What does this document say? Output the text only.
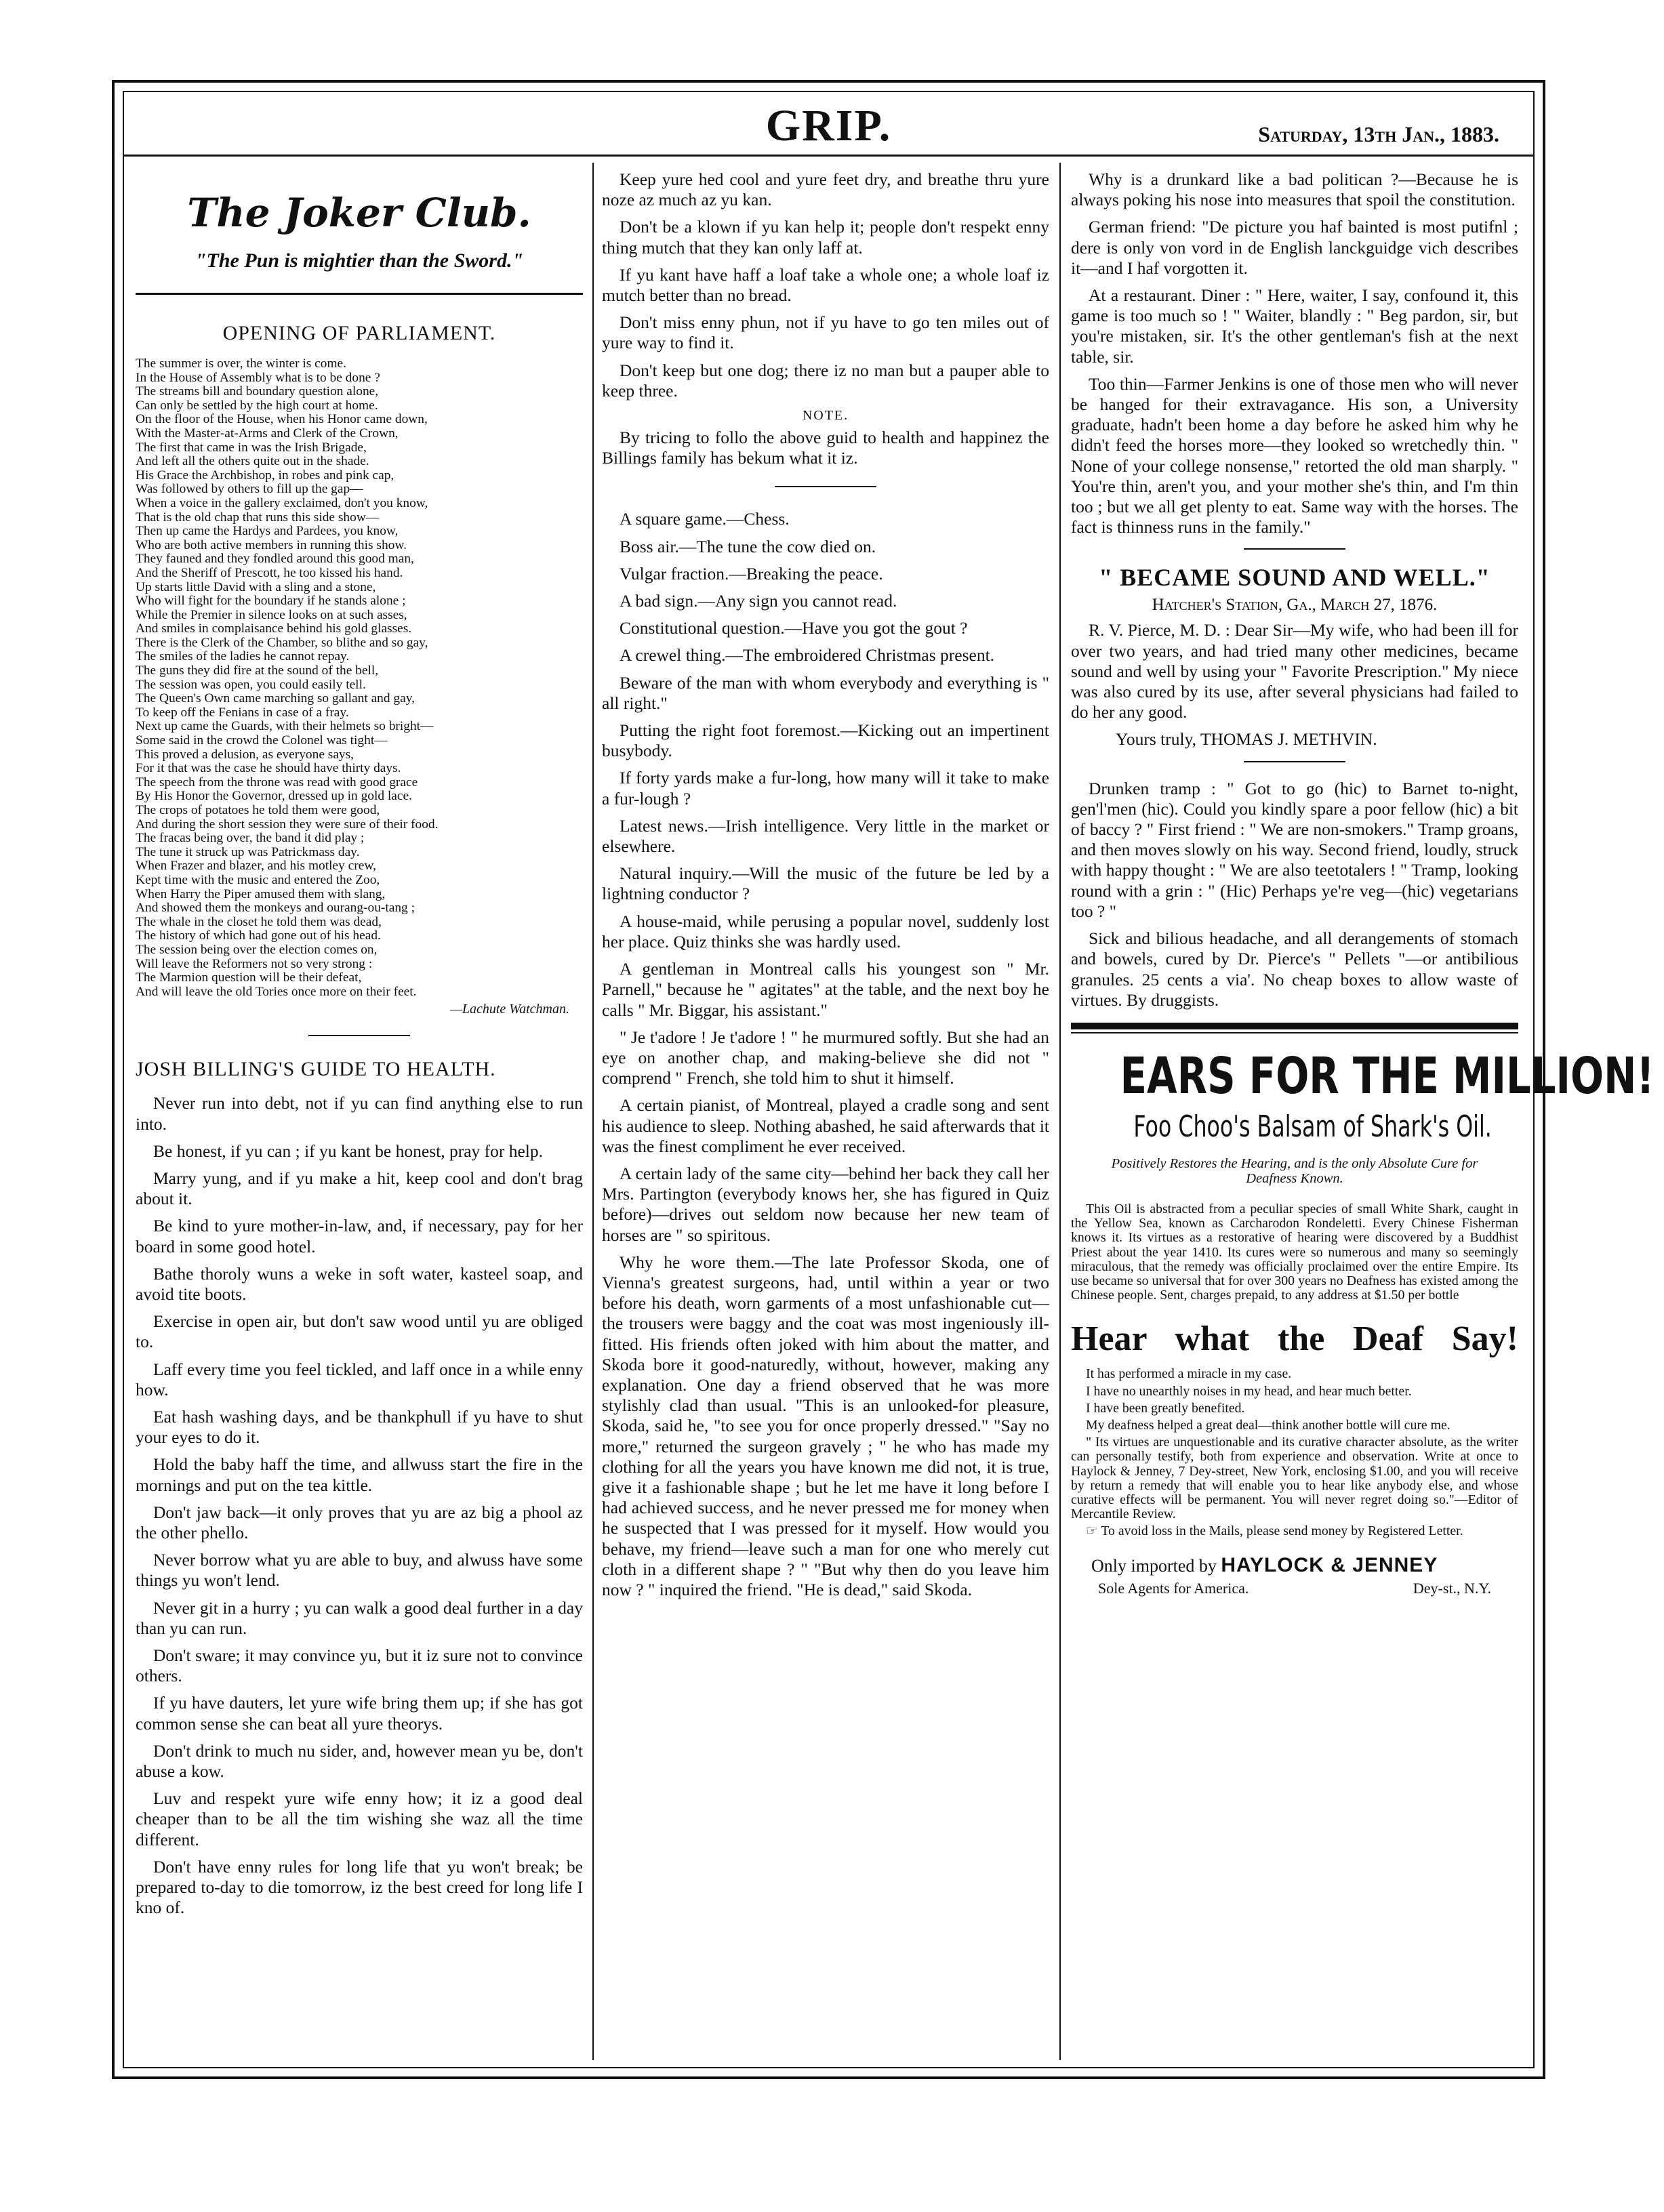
GRIP.	Saturday, 13th Jan., 1883.
The Joker Club.
"The Pun is mightier than the Sword."
OPENING OF PARLIAMENT.
The summer is over, the winter is come.
In the House of Assembly what is to be done ?
The streams bill and boundary question alone,
Can only be settled by the high court at home.
On the floor of the House, when his Honor came down,
With the Master-at-Arms and Clerk of the Crown,
The first that came in was the Irish Brigade,
And left all the others quite out in the shade.
His Grace the Archbishop, in robes and pink cap,
Was followed by others to fill up the gap—
When a voice in the gallery exclaimed, don't you know,
That is the old chap that runs this side show—
Then up came the Hardys and Pardees, you know,
Who are both active members in running this show.
They fauned and they fondled around this good man,
And the Sheriff of Prescott, he too kissed his hand.
Up starts little David with a sling and a stone,
Who will fight for the boundary if he stands alone ;
While the Premier in silence looks on at such asses,
And smiles in complaisance behind his gold glasses.
There is the Clerk of the Chamber, so blithe and so gay,
The smiles of the ladies he cannot repay.
The guns they did fire at the sound of the bell,
The session was open, you could easily tell.
The Queen's Own came marching so gallant and gay,
To keep off the Fenians in case of a fray.
Next up came the Guards, with their helmets so bright—
Some said in the crowd the Colonel was tight—
This proved a delusion, as everyone says,
For it that was the case he should have thirty days.
The speech from the throne was read with good grace
By His Honor the Governor, dressed up in gold lace.
The crops of potatoes he told them were good,
And during the short session they were sure of their food.
The fracas being over, the band it did play ;
The tune it struck up was Patrickmass day.
When Frazer and blazer, and his motley crew,
Kept time with the music and entered the Zoo,
When Harry the Piper amused them with slang,
And showed them the monkeys and ourang-ou-tang ;
The whale in the closet he told them was dead,
The history of which had gone out of his head.
The session being over the election comes on,
Will leave the Reformers not so very strong :
The Marmion question will be their defeat,
And will leave the old Tories once more on their feet.
—Lachute Watchman.
JOSH BILLING'S GUIDE TO HEALTH.

Never run into debt, not if yu can find anything else to run into.

Be honest, if yu can ; if yu kant be honest, pray for help.

Marry yung, and if yu make a hit, keep cool and don't brag about it.

Be kind to yure mother-in-law, and, if necessary, pay for her board in some good hotel.

Bathe thoroly wuns a weke in soft water, kasteel soap, and avoid tite boots.

Exercise in open air, but don't saw wood until yu are obliged to.

Laff every time you feel tickled, and laff once in a while enny how.

Eat hash washing days, and be thankphull if yu have to shut your eyes to do it.

Hold the baby haff the time, and allwuss start the fire in the mornings and put on the tea kittle.

Don't jaw back—it only proves that yu are az big a phool az the other phello.

Never borrow what yu are able to buy, and alwuss have some things yu won't lend.

Never git in a hurry ; yu can walk a good deal further in a day than yu can run.

Don't sware; it may convince yu, but it iz sure not to convince others.

If yu have dauters, let yure wife bring them up; if she has got common sense she can beat all yure theorys.

Don't drink to much nu sider, and, however mean yu be, don't abuse a kow.

Luv and respekt yure wife enny how; it iz a good deal cheaper than to be all the tim wishing she waz all the time different.

Don't have enny rules for long life that yu won't break; be prepared to-day to die tomorrow, iz the best creed for long life I kno of.

Keep yure hed cool and yure feet dry, and breathe thru yure noze az much az yu kan.

Don't be a klown if yu kan help it; people don't respekt enny thing mutch that they kan only laff at.

If yu kant have haff a loaf take a whole one; a whole loaf iz mutch better than no bread.

Don't miss enny phun, not if yu have to go ten miles out of yure way to find it.

Don't keep but one dog; there iz no man but a pauper able to keep three.

NOTE.

By tricing to follo the above guid to health and happinez the Billings family has bekum what it iz.

A square game.—Chess.

Boss air.—The tune the cow died on.

Vulgar fraction.—Breaking the peace.

A bad sign.—Any sign you cannot read.

Constitutional question.—Have you got the gout ?

A crewel thing.—The embroidered Christmas present.

Beware of the man with whom everybody and everything is " all right."

Putting the right foot foremost.—Kicking out an impertinent busybody.

If forty yards make a fur-long, how many will it take to make a fur-lough ?

Latest news.—Irish intelligence. Very little in the market or elsewhere.

Natural inquiry.—Will the music of the future be led by a lightning conductor ?

A house-maid, while perusing a popular novel, suddenly lost her place. Quiz thinks she was hardly used.

A gentleman in Montreal calls his youngest son " Mr. Parnell," because he " agitates" at the table, and the next boy he calls " Mr. Biggar, his assistant."

" Je t'adore ! Je t'adore ! " he murmured softly. But she had an eye on another chap, and making-believe she did not " comprend " French, she told him to shut it himself.

A certain pianist, of Montreal, played a cradle song and sent his audience to sleep. Nothing abashed, he said afterwards that it was the finest compliment he ever received.

A certain lady of the same city—behind her back they call her Mrs. Partington (everybody knows her, she has figured in Quiz before)—drives out seldom now because her new team of horses are " so spiritous.

Why he wore them.—The late Professor Skoda, one of Vienna's greatest surgeons, had, until within a year or two before his death, worn garments of a most unfashionable cut—the trousers were baggy and the coat was most ingeniously ill-fitted. His friends often joked with him about the matter, and Skoda bore it good-naturedly, without, however, making any explanation. One day a friend observed that he was more stylishly clad than usual. "This is an unlooked-for pleasure, Skoda, said he, "to see you for once properly dressed." "Say no more," returned the surgeon gravely ; " he who has made my clothing for all the years you have known me did not, it is true, give it a fashionable shape ; but he let me have it long before I had achieved success, and he never pressed me for money when he suspected that I was pressed for it myself. How would you behave, my friend—leave such a man for one who merely cut cloth in a different shape ? " "But why then do you leave him now ? " inquired the friend. "He is dead," said Skoda.

Why is a drunkard like a bad politican ?—Because he is always poking his nose into measures that spoil the constitution.

German friend: "De picture you haf bainted is most putifnl ; dere is only von vord in de English lanckguidge vich describes it—and I haf vorgotten it.

At a restaurant. Diner : " Here, waiter, I say, confound it, this game is too much so ! " Waiter, blandly : " Beg pardon, sir, but you're mistaken, sir. It's the other gentleman's fish at the next table, sir.

Too thin—Farmer Jenkins is one of those men who will never be hanged for their extravagance. His son, a University graduate, hadn't been home a day before he asked him why he didn't feed the horses more—they looked so wretchedly thin. " None of your college nonsense," retorted the old man sharply. " You're thin, aren't you, and your mother she's thin, and I'm thin too ; but we all get plenty to eat. Same way with the horses. The fact is thinness runs in the family."

" BECAME SOUND AND WELL."
Hatcher's Station, Ga., March 27, 1876.

R. V. Pierce, M. D. : Dear Sir—My wife, who had been ill for over two years, and had tried many other medicines, became sound and well by using your " Favorite Prescription." My niece was also cured by its use, after several physicians had failed to do her any good.

Yours truly, THOMAS J. METHVIN.

Drunken tramp : " Got to go (hic) to Barnet to-night, gen'l'men (hic). Could you kindly spare a poor fellow (hic) a bit of baccy ? " First friend : " We are non-smokers." Tramp groans, and then moves slowly on his way. Second friend, loudly, struck with happy thought : " We are also teetotalers ! " Tramp, looking round with a grin : " (Hic) Perhaps ye're veg—(hic) vegetarians too ? "

Sick and bilious headache, and all derangements of stomach and bowels, cured by Dr. Pierce's " Pellets "—or antibilious granules. 25 cents a via'. No cheap boxes to allow waste of virtues. By druggists.

EARS FOR THE MILLION!
Foo Choo's Balsam of Shark's Oil.
Positively Restores the Hearing, and is the only Absolute Cure for Deafness Known.

This Oil is abstracted from a peculiar species of small White Shark, caught in the Yellow Sea, known as Carcharodon Rondeletti. Every Chinese Fisherman knows it. Its virtues as a restorative of hearing were discovered by a Buddhist Priest about the year 1410. Its cures were so numerous and many so seemingly miraculous, that the remedy was officially proclaimed over the entire Empire. Its use became so universal that for over 300 years no Deafness has existed among the Chinese people. Sent, charges prepaid, to any address at $1.50 per bottle

Hear what the Deaf Say!

It has performed a miracle in my case.

I have no unearthly noises in my head, and hear much better.

I have been greatly benefited.

My deafness helped a great deal—think another bottle will cure me.

" Its virtues are unquestionable and its curative character absolute, as the writer can personally testify, both from experience and observation. Write at once to Haylock & Jenney, 7 Dey-street, New York, enclosing $1.00, and you will receive by return a remedy that will enable you to hear like anybody else, and whose curative effects will be permanent. You will never regret doing so."—Editor of Mercantile Review.

☞ To avoid loss in the Mails, please send money by Registered Letter.

Only imported by HAYLOCK & JENNEY
Sole Agents for America.	Dey-st., N.Y.
